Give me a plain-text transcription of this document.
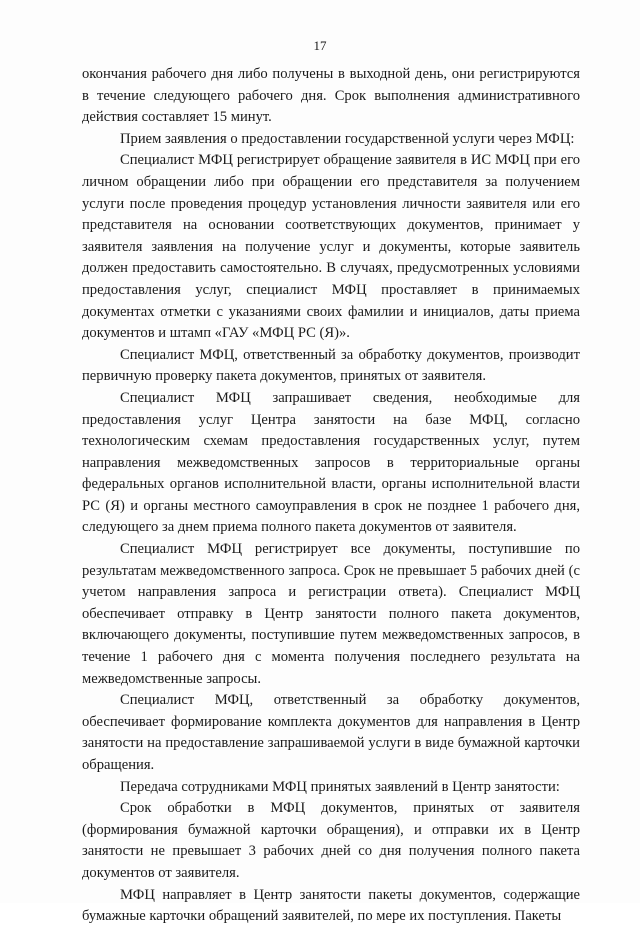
17

окончания рабочего дня либо получены в выходной день, они регистрируются в течение следующего рабочего дня. Срок выполнения административного действия составляет 15 минут.

Прием заявления о предоставлении государственной услуги через МФЦ:

Специалист МФЦ регистрирует обращение заявителя в ИС МФЦ при его личном обращении либо при обращении его представителя за получением услуги после проведения процедур установления личности заявителя или его представителя на основании соответствующих документов, принимает у заявителя заявления на получение услуг и документы, которые заявитель должен предоставить самостоятельно. В случаях, предусмотренных условиями предоставления услуг, специалист МФЦ проставляет в принимаемых документах отметки с указаниями своих фамилии и инициалов, даты приема документов и штамп «ГАУ «МФЦ РС (Я)».

Специалист МФЦ, ответственный за обработку документов, производит первичную проверку пакета документов, принятых от заявителя.

Специалист МФЦ запрашивает сведения, необходимые для предоставления услуг Центра занятости на базе МФЦ, согласно технологическим схемам предоставления государственных услуг, путем направления межведомственных запросов в территориальные органы федеральных органов исполнительной власти, органы исполнительной власти РС (Я) и органы местного самоуправления в срок не позднее 1 рабочего дня, следующего за днем приема полного пакета документов от заявителя.

Специалист МФЦ регистрирует все документы, поступившие по результатам межведомственного запроса. Срок не превышает 5 рабочих дней (с учетом направления запроса и регистрации ответа). Специалист МФЦ обеспечивает отправку в Центр занятости полного пакета документов, включающего документы, поступившие путем межведомственных запросов, в течение 1 рабочего дня с момента получения последнего результата на межведомственные запросы.

Специалист МФЦ, ответственный за обработку документов, обеспечивает формирование комплекта документов для направления в Центр занятости на предоставление запрашиваемой услуги в виде бумажной карточки обращения.

Передача сотрудниками МФЦ принятых заявлений в Центр занятости:

Срок обработки в МФЦ документов, принятых от заявителя (формирования бумажной карточки обращения), и отправки их в Центр занятости не превышает 3 рабочих дней со дня получения полного пакета документов от заявителя.

МФЦ направляет в Центр занятости пакеты документов, содержащие бумажные карточки обращений заявителей, по мере их поступления. Пакеты
